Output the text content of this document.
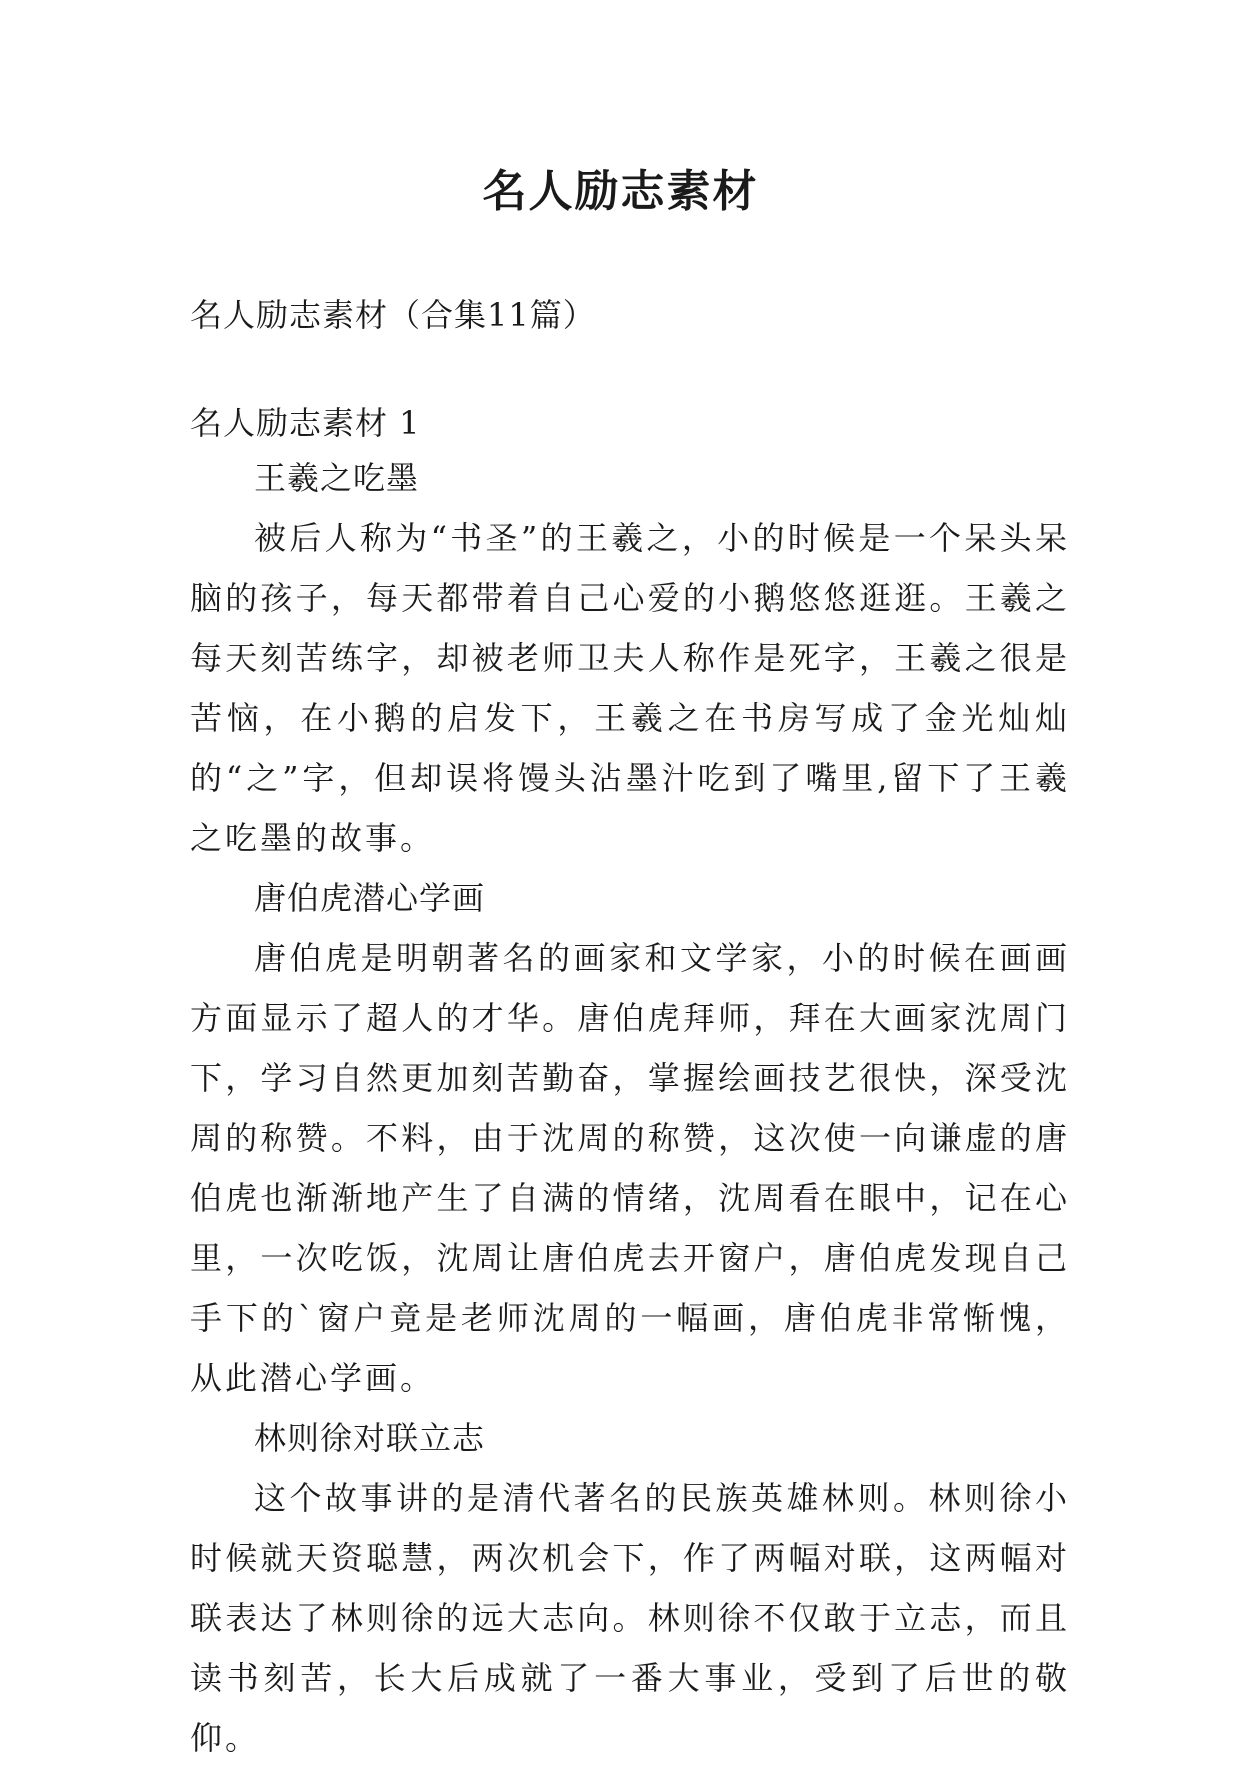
名人励志素材

名人励志素材（合集11篇）

名人励志素材 1

王羲之吃墨

被后人称为“书圣”的王羲之，小的时候是一个呆头呆脑的孩子，每天都带着自己心爱的小鹅悠悠逛逛。王羲之每天刻苦练字，却被老师卫夫人称作是死字，王羲之很是苦恼，在小鹅的启发下，王羲之在书房写成了金光灿灿的“之”字，但却误将馒头沾墨汁吃到了嘴里,留下了王羲之吃墨的故事。

唐伯虎潜心学画

唐伯虎是明朝著名的画家和文学家，小的时候在画画方面显示了超人的才华。唐伯虎拜师，拜在大画家沈周门下，学习自然更加刻苦勤奋，掌握绘画技艺很快，深受沈周的称赞。不料，由于沈周的称赞，这次使一向谦虚的唐伯虎也渐渐地产生了自满的情绪，沈周看在眼中，记在心里，一次吃饭，沈周让唐伯虎去开窗户，唐伯虎发现自己手下的`窗户竟是老师沈周的一幅画，唐伯虎非常惭愧，从此潜心学画。

林则徐对联立志

这个故事讲的是清代著名的民族英雄林则。林则徐小时候就天资聪慧，两次机会下，作了两幅对联，这两幅对联表达了林则徐的远大志向。林则徐不仅敢于立志，而且读书刻苦，长大后成就了一番大事业，受到了后世的敬仰。
